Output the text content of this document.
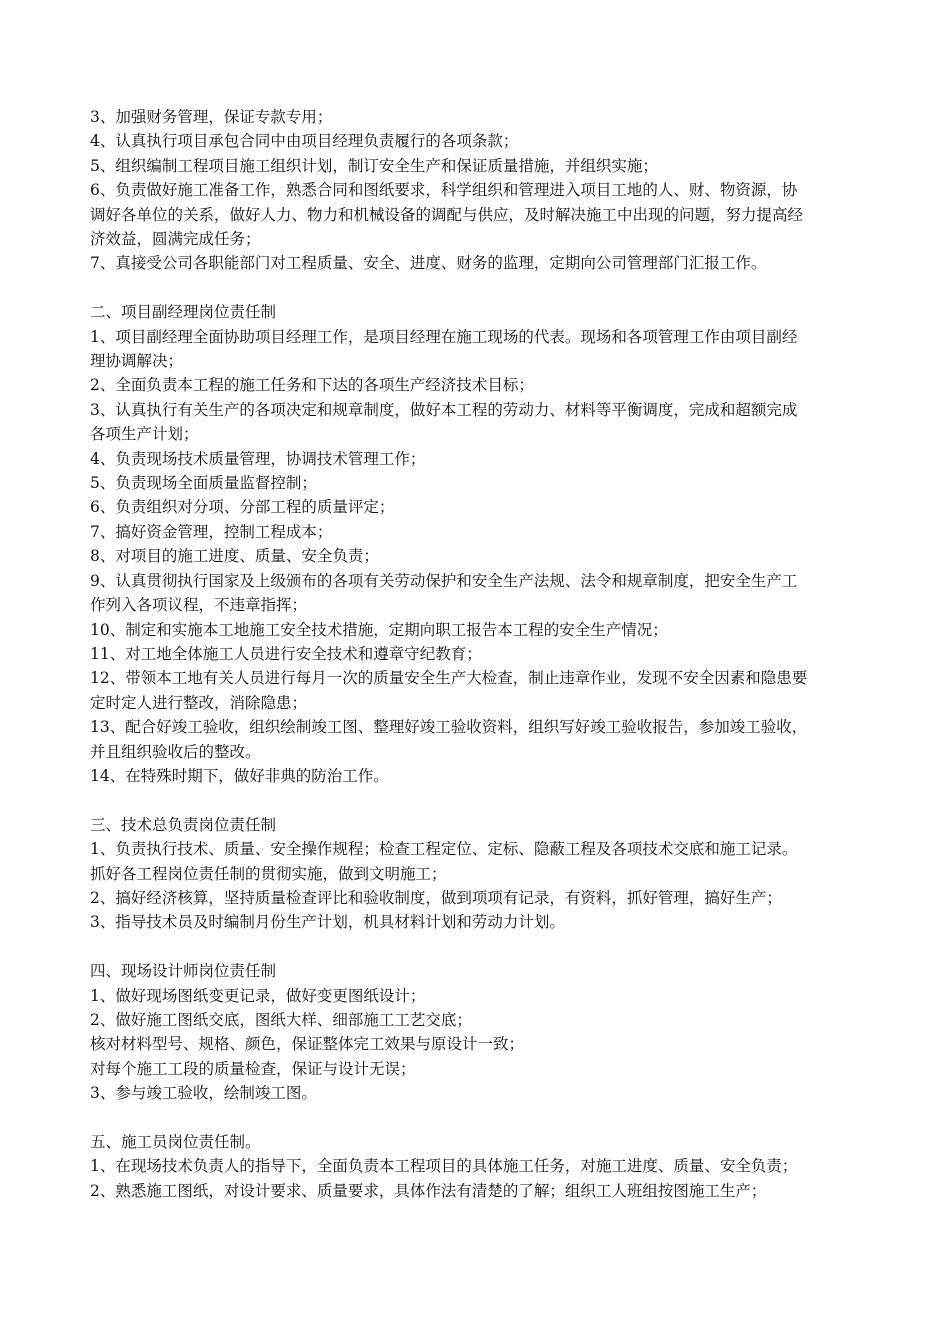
3、加强财务管理，保证专款专用；
4、认真执行项目承包合同中由项目经理负责履行的各项条款；
5、组织编制工程项目施工组织计划，制订安全生产和保证质量措施，并组织实施；
6、负责做好施工准备工作，熟悉合同和图纸要求，科学组织和管理进入项目工地的人、财、物资源，协
调好各单位的关系，做好人力、物力和机械设备的调配与供应，及时解决施工中出现的问题，努力提高经
济效益，圆满完成任务；
7、真接受公司各职能部门对工程质量、安全、进度、财务的监理，定期向公司管理部门汇报工作。
二、项目副经理岗位责任制
1、项目副经理全面协助项目经理工作，是项目经理在施工现场的代表。现场和各项管理工作由项目副经
理协调解决；
2、全面负责本工程的施工任务和下达的各项生产经济技术目标；
3、认真执行有关生产的各项决定和规章制度，做好本工程的劳动力、材料等平衡调度，完成和超额完成
各项生产计划；
4、负责现场技术质量管理，协调技术管理工作；
5、负责现场全面质量监督控制；
6、负责组织对分项、分部工程的质量评定；
7、搞好资金管理，控制工程成本；
8、对项目的施工进度、质量、安全负责；
9、认真贯彻执行国家及上级颁布的各项有关劳动保护和安全生产法规、法令和规章制度，把安全生产工
作列入各项议程，不违章指挥；
10、制定和实施本工地施工安全技术措施，定期向职工报告本工程的安全生产情况；
11、对工地全体施工人员进行安全技术和遵章守纪教育；
12、带领本工地有关人员进行每月一次的质量安全生产大检查，制止违章作业，发现不安全因素和隐患要
定时定人进行整改，消除隐患；
13、配合好竣工验收，组织绘制竣工图、整理好竣工验收资料，组织写好竣工验收报告，参加竣工验收，
并且组织验收后的整改。
14、在特殊时期下，做好非典的防治工作。
三、技术总负责岗位责任制
1、负责执行技术、质量、安全操作规程；检查工程定位、定标、隐蔽工程及各项技术交底和施工记录。
抓好各工程岗位责任制的贯彻实施，做到文明施工；
2、搞好经济核算，坚持质量检查评比和验收制度，做到项项有记录，有资料，抓好管理，搞好生产；
3、指导技术员及时编制月份生产计划，机具材料计划和劳动力计划。
四、现场设计师岗位责任制
1、做好现场图纸变更记录，做好变更图纸设计；
2、做好施工图纸交底，图纸大样、细部施工工艺交底；
核对材料型号、规格、颜色，保证整体完工效果与原设计一致；
对每个施工工段的质量检查，保证与设计无误；
3、参与竣工验收，绘制竣工图。
五、施工员岗位责任制。
1、在现场技术负责人的指导下，全面负责本工程项目的具体施工任务，对施工进度、质量、安全负责；
2、熟悉施工图纸，对设计要求、质量要求，具体作法有清楚的了解；组织工人班组按图施工生产；
